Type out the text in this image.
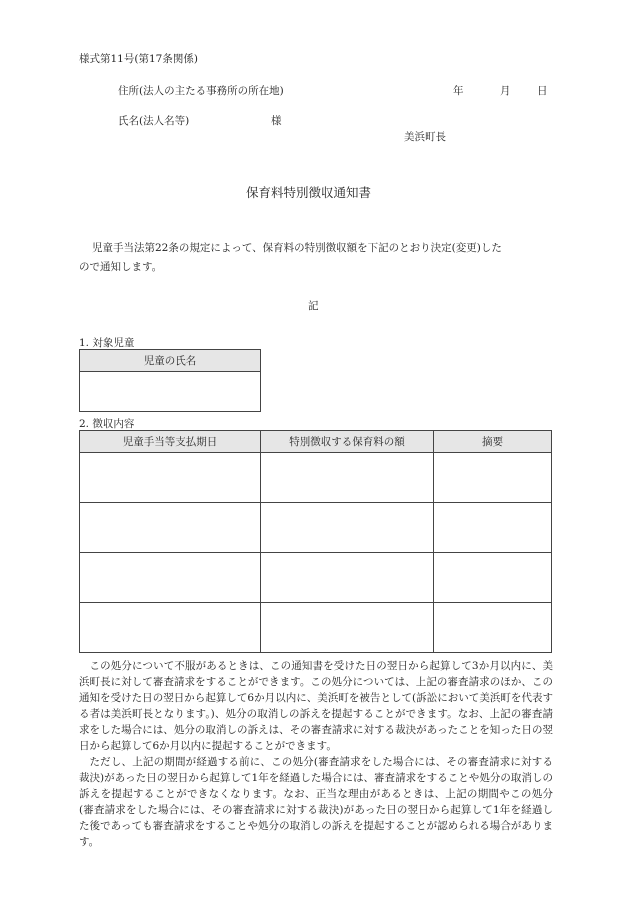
様式第11号(第17条関係)
住所(法人の主たる事務所の所在地)	年	月	日
氏名(法人名等)	様
美浜町長
保育料特別徴収通知書
児童手当法第22条の規定によって、保育料の特別徴収額を下記のとおり決定(変更)した
ので通知します。
記
1. 対象児童
児童の氏名

2. 徴収内容
児童手当等支払期日	特別徴収する保育料の額	摘要

この処分について不服があるときは、この通知書を受けた日の翌日から起算して3か月以内に、美浜町長に対して審査請求をすることができます。この処分については、上記の審査請求のほか、この通知を受けた日の翌日から起算して6か月以内に、美浜町を被告として(訴訟において美浜町を代表する者は美浜町長となります。)、処分の取消しの訴えを提起することができます。なお、上記の審査請求をした場合には、処分の取消しの訴えは、その審査請求に対する裁決があったことを知った日の翌日から起算して6か月以内に提起することができます。

ただし、上記の期間が経過する前に、この処分(審査請求をした場合には、その審査請求に対する裁決)があった日の翌日から起算して1年を経過した場合には、審査請求をすることや処分の取消しの訴えを提起することができなくなります。なお、正当な理由があるときは、上記の期間やこの処分(審査請求をした場合には、その審査請求に対する裁決)があった日の翌日から起算して1年を経過した後であっても審査請求をすることや処分の取消しの訴えを提起することが認められる場合があります。
